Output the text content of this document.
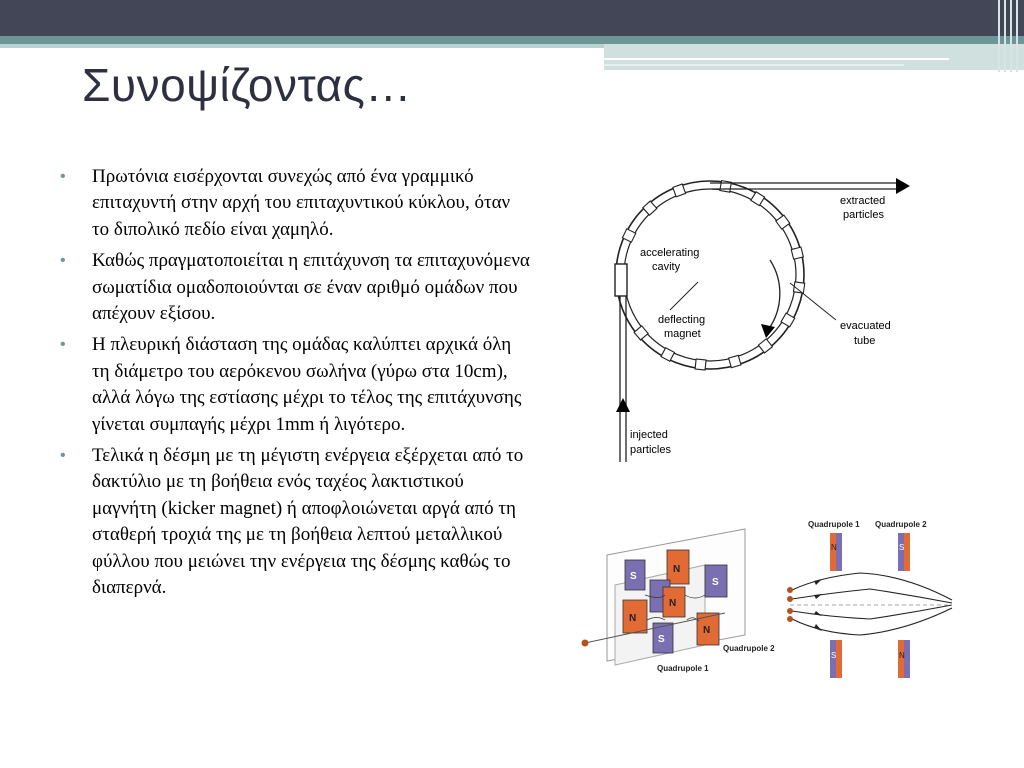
Συνοψίζοντας…
• Πρωτόνια εισέρχονται συνεχώς από ένα γραμμικό επιταχυντή στην αρχή του επιταχυντικού κύκλου, όταν το διπολικό πεδίο είναι χαμηλό.
• Καθώς πραγματοποιείται η επιτάχυνση τα επιταχυνόμενα σωματίδια ομαδοποιούνται σε έναν αριθμό ομάδων που απέχουν εξίσου.
• Η πλευρική διάσταση της ομάδας καλύπτει αρχικά όλη τη διάμετρο του αερόκενου σωλήνα (γύρω στα 10cm), αλλά λόγω της εστίασης μέχρι το τέλος της επιτάχυνσης γίνεται συμπαγής μέχρι 1mm ή λιγότερο.
• Τελικά η δέσμη με τη μέγιστη ενέργεια εξέρχεται από το δακτύλιο με τη βοήθεια ενός ταχέος λακτιστικού μαγνήτη (kicker magnet) ή αποφλοιώνεται αργά από τη σταθερή τροχιά της με τη βοήθεια λεπτού μεταλλικού φύλλου που μειώνει την ενέργεια της δέσμης καθώς το διαπερνά.
extracted
particles
accelerating
cavity
deflecting
magnet
evacuated
tube
injected
particles
N
S
N
S
N
N
S
Quadrupole 1
Quadrupole 2
Quadrupole 1 Quadrupole 2
N	S
S	N
